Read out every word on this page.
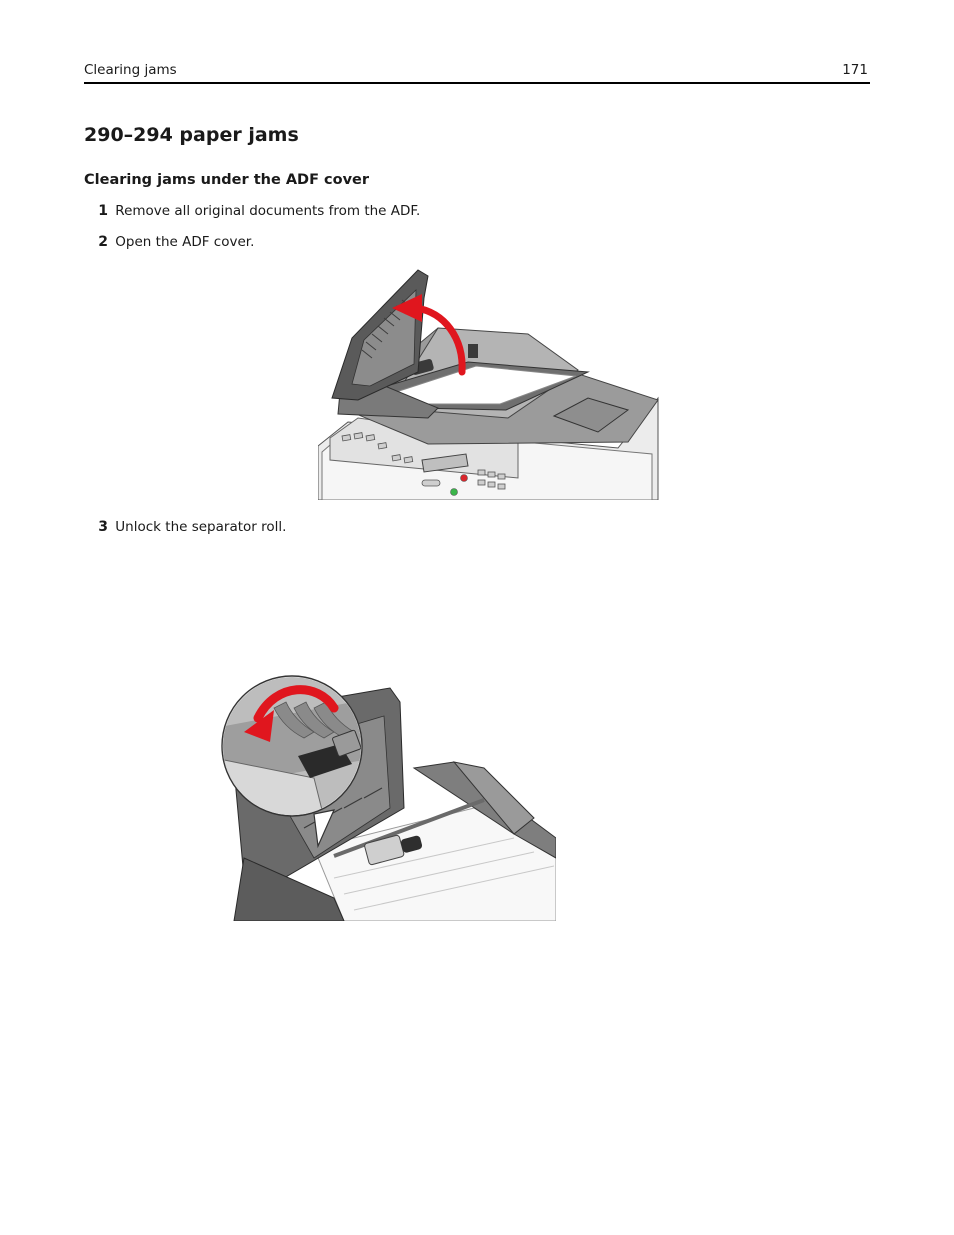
Clearing jams	171
290–294 paper jams
Clearing jams under the ADF cover
1 Remove all original documents from the ADF.
2 Open the ADF cover.
3 Unlock the separator roll.
